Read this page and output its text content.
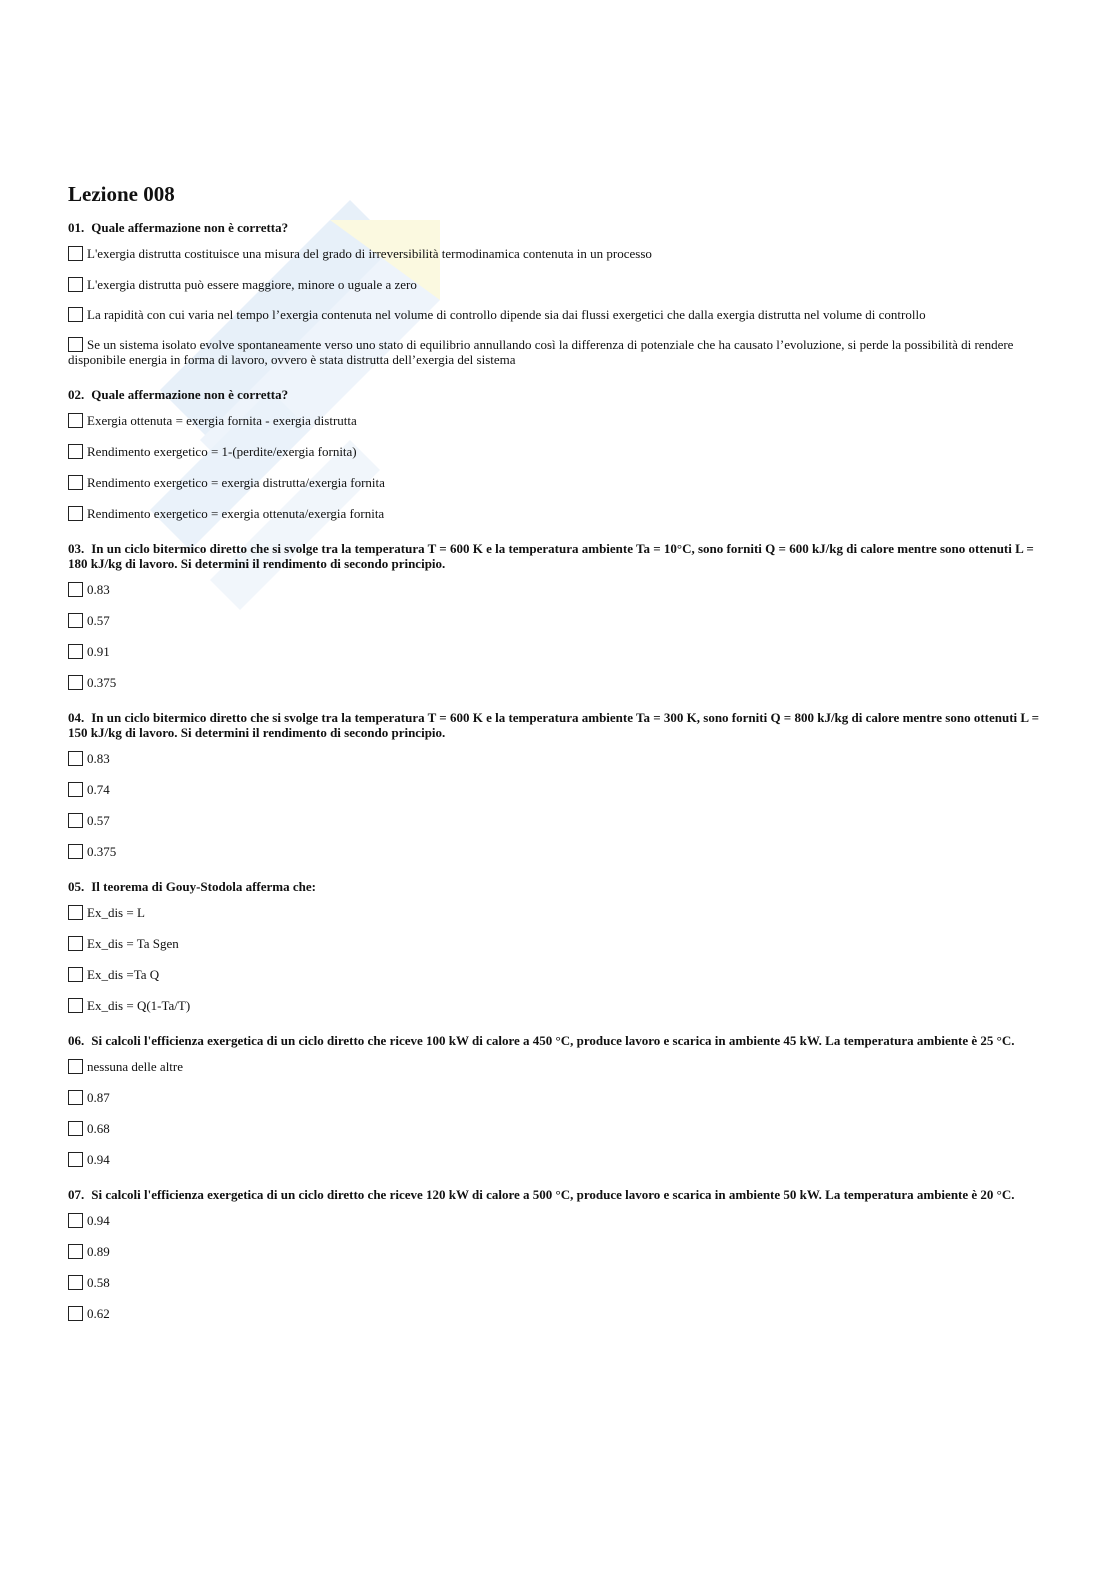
Lezione 008
01. Quale affermazione non è corretta?
L'exergia distrutta costituisce una misura del grado di irreversibilità termodinamica contenuta in un processo
L'exergia distrutta può essere maggiore, minore o uguale a zero
La rapidità con cui varia nel tempo l’exergia contenuta nel volume di controllo dipende sia dai flussi exergetici che dalla exergia distrutta nel volume di controllo
Se un sistema isolato evolve spontaneamente verso uno stato di equilibrio annullando così la differenza di potenziale che ha causato l’evoluzione, si perde la possibilità di rendere disponibile energia in forma di lavoro, ovvero è stata distrutta dell’exergia del sistema
02. Quale affermazione non è corretta?
Exergia ottenuta = exergia fornita - exergia distrutta
Rendimento exergetico = 1-(perdite/exergia fornita)
Rendimento exergetico = exergia distrutta/exergia fornita
Rendimento exergetico = exergia ottenuta/exergia fornita
03. In un ciclo bitermico diretto che si svolge tra la temperatura T = 600 K e la temperatura ambiente Ta = 10°C, sono forniti Q = 600 kJ/kg di calore mentre sono ottenuti L = 180 kJ/kg di lavoro. Si determini il rendimento di secondo principio.
0.83
0.57
0.91
0.375
04. In un ciclo bitermico diretto che si svolge tra la temperatura T = 600 K e la temperatura ambiente Ta = 300 K, sono forniti Q = 800 kJ/kg di calore mentre sono ottenuti L = 150 kJ/kg di lavoro. Si determini il rendimento di secondo principio.
0.83
0.74
0.57
0.375
05. Il teorema di Gouy-Stodola afferma che:
Ex_dis = L
Ex_dis = Ta Sgen
Ex_dis =Ta Q
Ex_dis = Q(1-Ta/T)
06. Si calcoli l'efficienza exergetica di un ciclo diretto che riceve 100 kW di calore a 450 °C, produce lavoro e scarica in ambiente 45 kW. La temperatura ambiente è 25 °C.
nessuna delle altre
0.87
0.68
0.94
07. Si calcoli l'efficienza exergetica di un ciclo diretto che riceve 120 kW di calore a 500 °C, produce lavoro e scarica in ambiente 50 kW. La temperatura ambiente è 20 °C.
0.94
0.89
0.58
0.62
